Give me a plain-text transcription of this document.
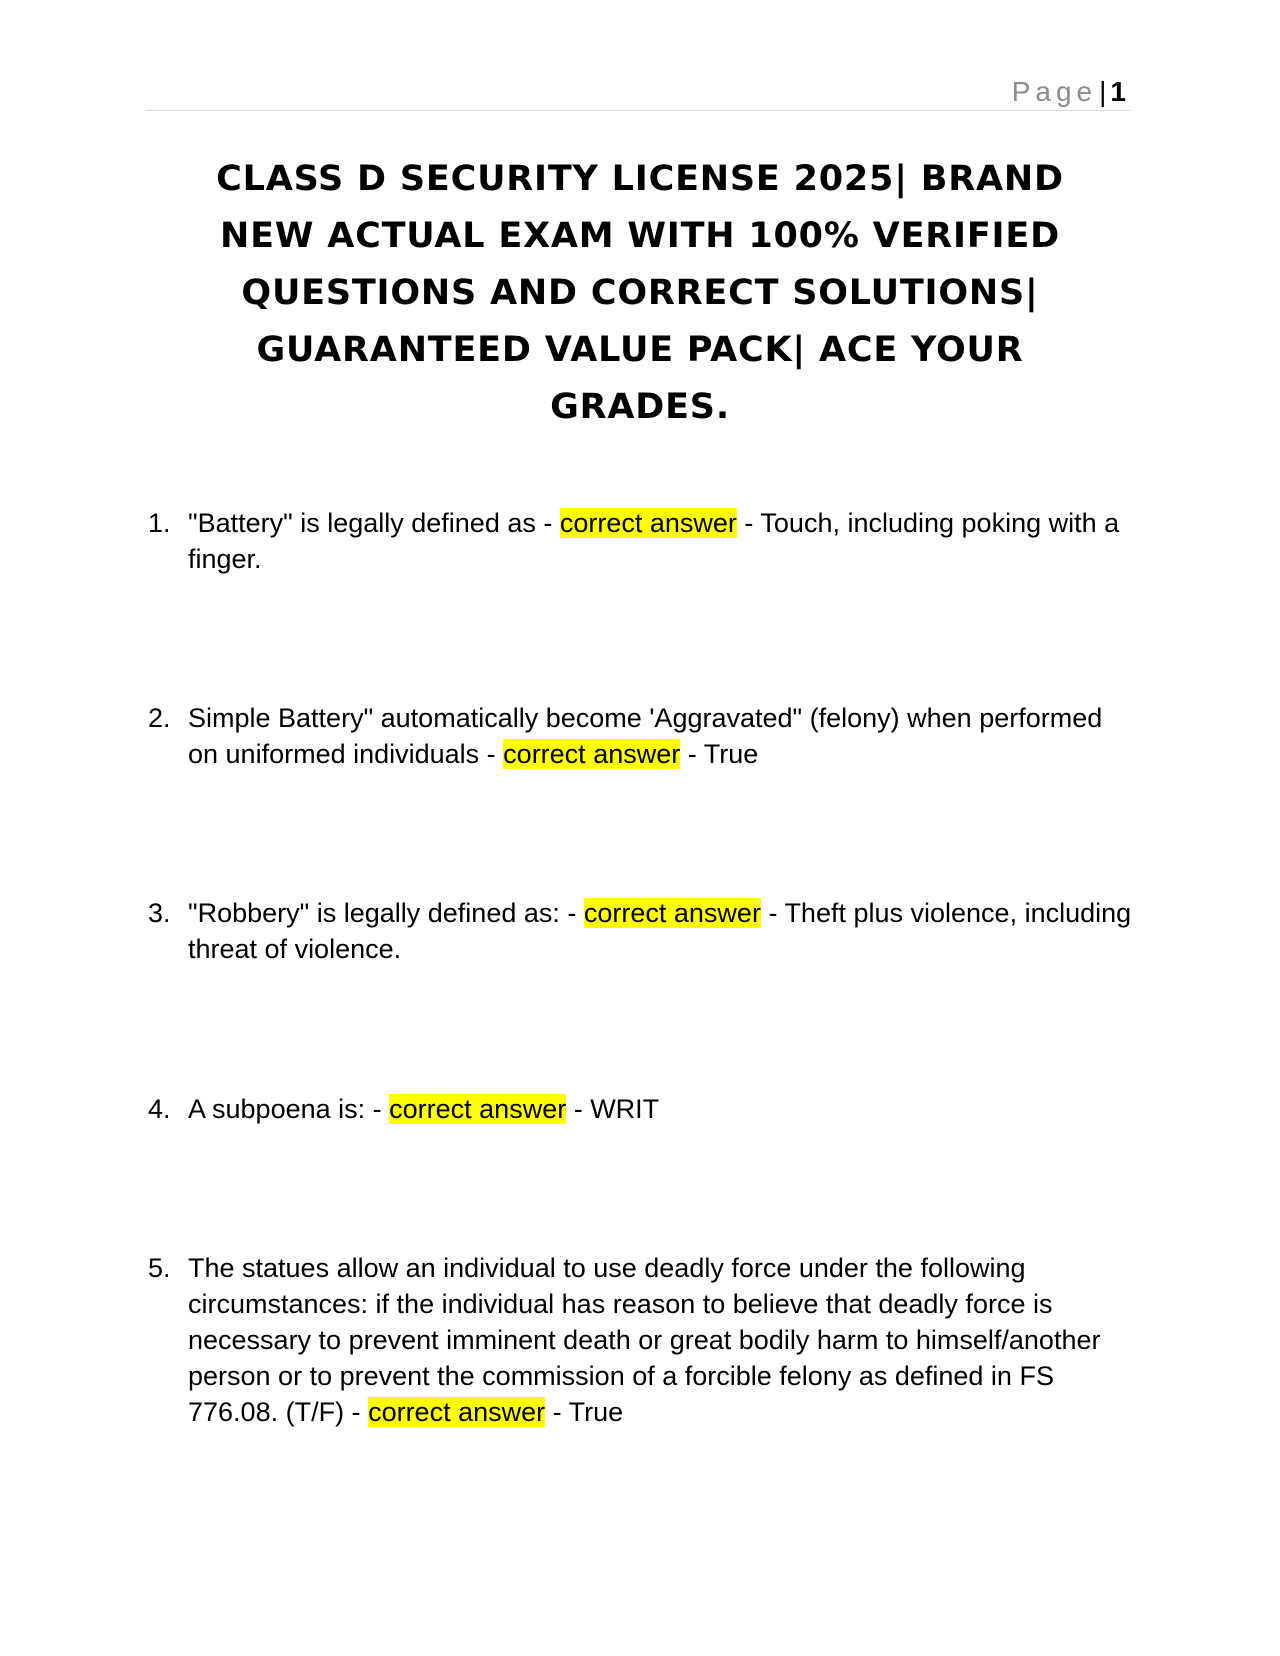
Page| 1
CLASS D SECURITY LICENSE 2025| BRAND NEW ACTUAL EXAM WITH 100% VERIFIED QUESTIONS AND CORRECT SOLUTIONS| GUARANTEED VALUE PACK| ACE YOUR GRADES.
1. "Battery" is legally defined as - correct answer - Touch, including poking with a finger.
2. Simple Battery" automatically become 'Aggravated" (felony) when performed on uniformed individuals - correct answer - True
3. "Robbery" is legally defined as: - correct answer - Theft plus violence, including threat of violence.
4. A subpoena is: - correct answer - WRIT
5. The statues allow an individual to use deadly force under the following circumstances: if the individual has reason to believe that deadly force is necessary to prevent imminent death or great bodily harm to himself/another person or to prevent the commission of a forcible felony as defined in FS 776.08. (T/F) - correct answer - True
